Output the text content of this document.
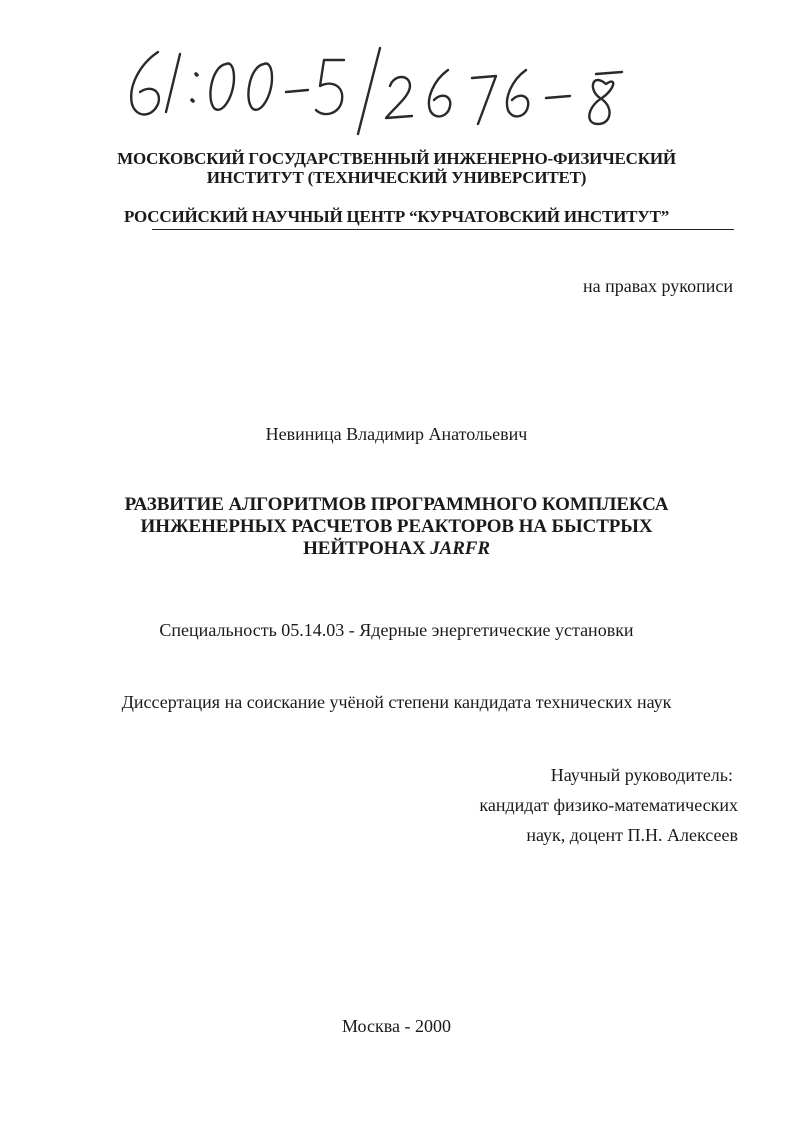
МОСКОВСКИЙ ГОСУДАРСТВЕННЫЙ ИНЖЕНЕРНО-ФИЗИЧЕСКИЙ
ИНСТИТУТ (ТЕХНИЧЕСКИЙ УНИВЕРСИТЕТ)
РОССИЙСКИЙ НАУЧНЫЙ ЦЕНТР “КУРЧАТОВСКИЙ ИНСТИТУТ”
на правах рукописи
Невиница Владимир Анатольевич
РАЗВИТИЕ АЛГОРИТМОВ ПРОГРАММНОГО КОМПЛЕКСА
ИНЖЕНЕРНЫХ РАСЧЕТОВ РЕАКТОРОВ НА БЫСТРЫХ
НЕЙТРОНАХ JARFR
Специальность 05.14.03 - Ядерные энергетические установки
Диссертация на соискание учёной степени кандидата технических наук
Научный руководитель:
кандидат физико-математических
наук, доцент П.Н. Алексеев
Москва - 2000
